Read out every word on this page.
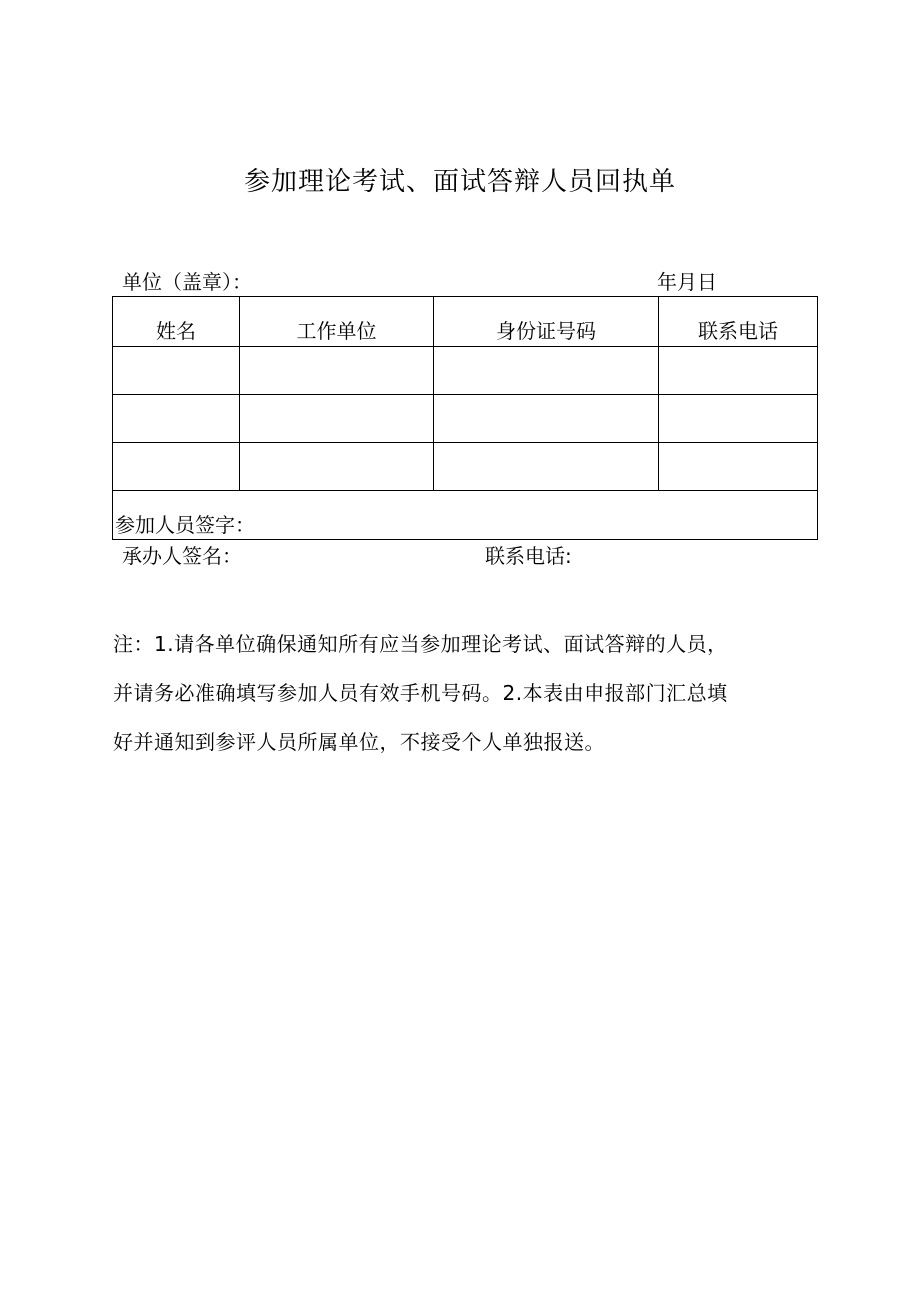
参加理论考试、面试答辩人员回执单
单位（盖章）：	年月日
姓名	工作单位	身份证号码	联系电话

参加人员签字：			
承办人签名：	联系电话:
注：1.请各单位确保通知所有应当参加理论考试、面试答辩的人员，
并请务必准确填写参加人员有效手机号码。2.本表由申报部门汇总填
好并通知到参评人员所属单位，不接受个人单独报送。
